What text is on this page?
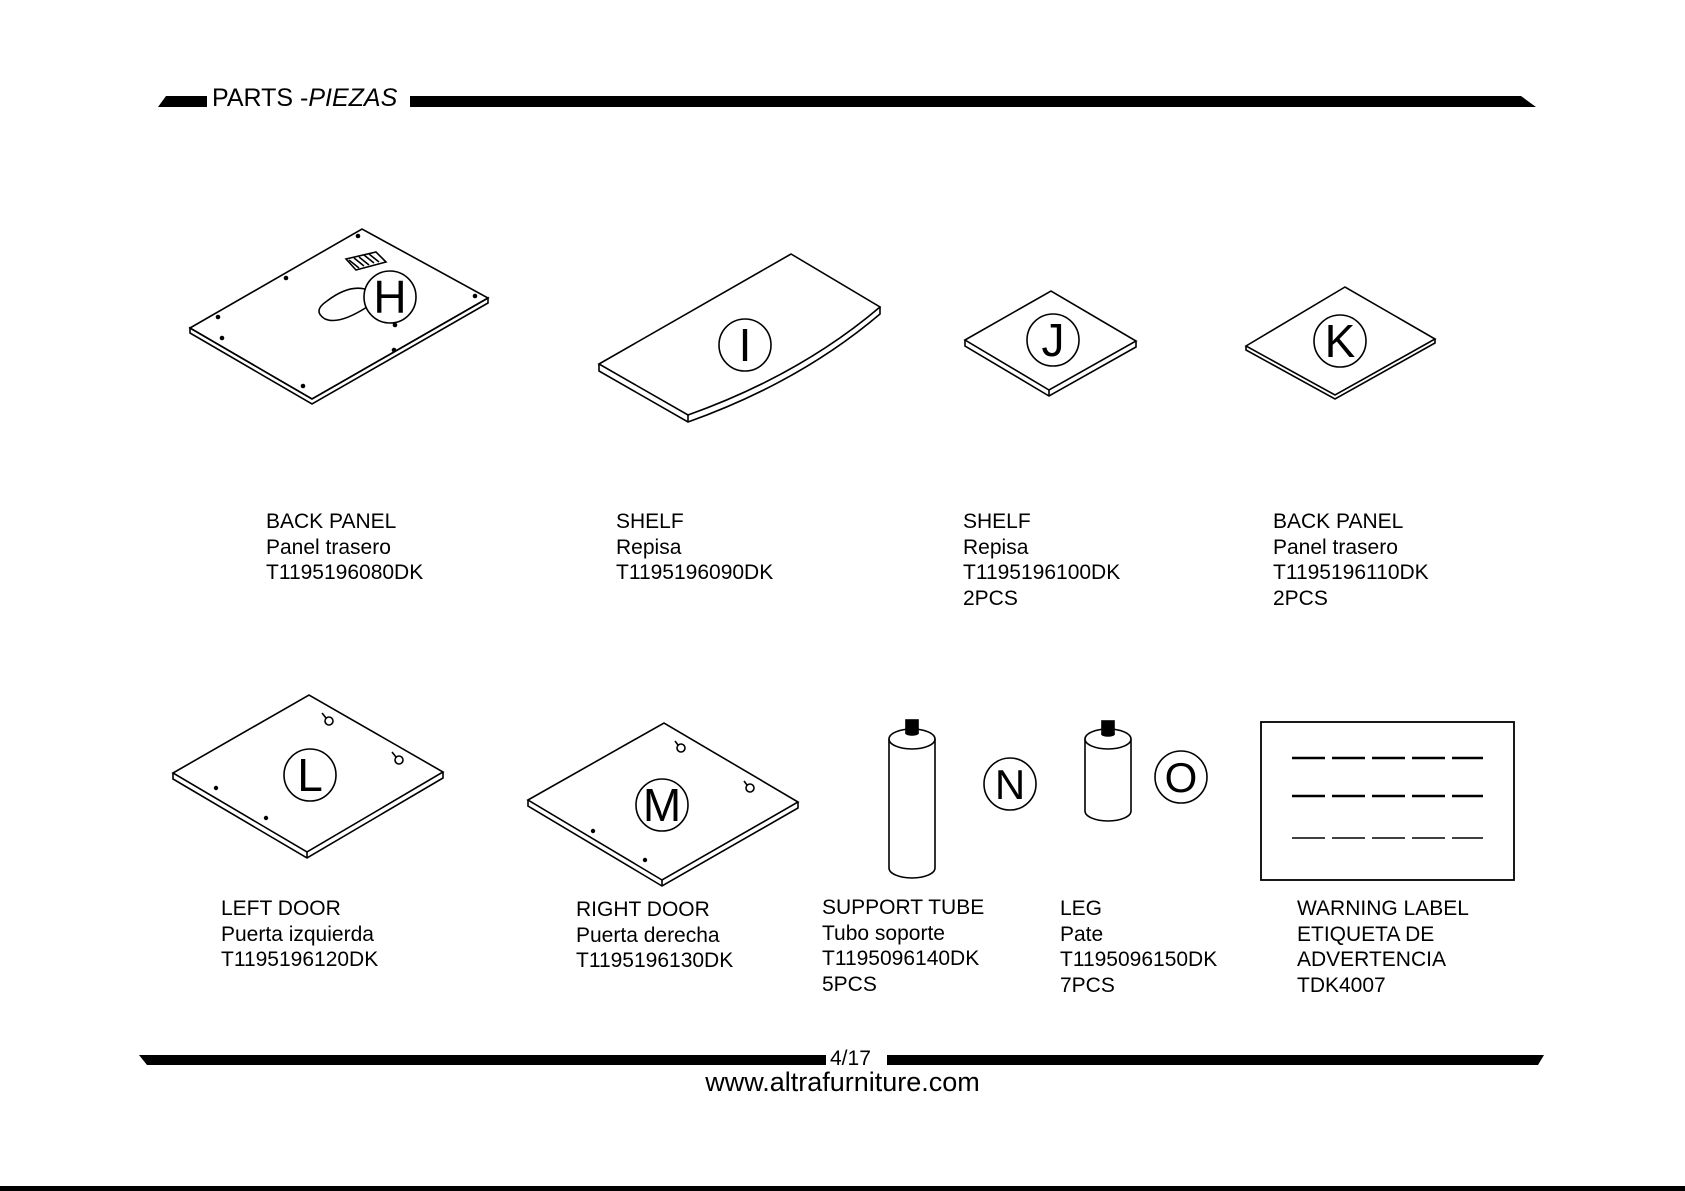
PARTS -PIEZAS
H
I	J	K
L
M	N	O
BACK PANEL
Panel trasero
T1195196080DK
SHELF
Repisa
T1195196090DK
SHELF
Repisa
T1195196100DK
2PCS
BACK PANEL
Panel trasero
T1195196110DK
2PCS
LEFT DOOR
Puerta izquierda
T1195196120DK
RIGHT DOOR
Puerta derecha
T1195196130DK
SUPPORT TUBE
Tubo soporte
T1195096140DK
5PCS
LEG
Pate
T1195096150DK
7PCS
WARNING LABEL
ETIQUETA DE
ADVERTENCIA
TDK4007
4/17
www.altrafurniture.com
